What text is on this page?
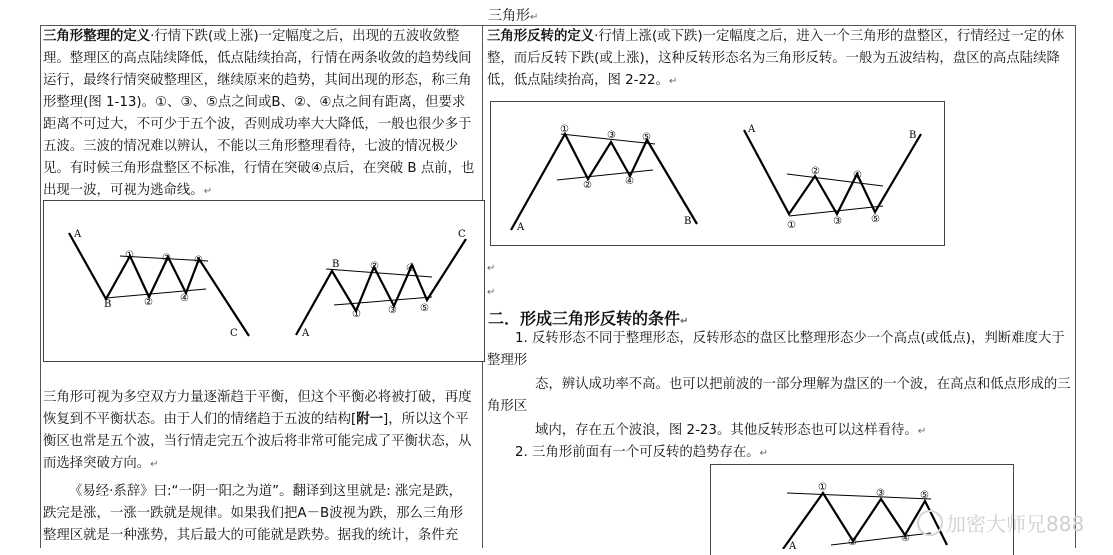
三角形↵

三角形整理的定义·行情下跌(或上涨)一定幅度之后，出现的五波收敛整理。整理区的高点陆续降低，低点陆续抬高，行情在两条收敛的趋势线间运行，最终行情突破整理区，继续原来的趋势，其间出现的形态，称三角形整理(图 1-13)。①、③、⑤点之间或B、②、④点之间有距离，但要求距离不可过大，不可少于五个波，否则成功率大大降低，一般也很少多于五波。三波的情况难以辨认，不能以三角形整理看待，七波的情况极少见。有时候三角形盘整区不标准，行情在突破④点后，在突破 B 点前，也出现一波，可视为逃命线。↵

A
B
①
②
③
④
⑤
C	A
B
①
②
③
④
⑤
C

三角形可视为多空双方力量逐渐趋于平衡，但这个平衡必将被打破，再度恢复到不平衡状态。由于人们的情绪趋于五波的结构[附一]，所以这个平衡区也常是五个波，当行情走完五个波后将非常可能完成了平衡状态，从而选择突破方向。↵

《易经·系辞》曰:“一阴一阳之为道”。翻译到这里就是: 涨完是跌，跌完是涨，一涨一跌就是规律。如果我们把A－B波视为跌，那么三角形整理区就是一种涨势，其后最大的可能就是跌势。据我的统计，条件充

三角形反转的定义·行情上涨(或下跌)一定幅度之后，进入一个三角形的盘整区，行情经过一定的休整，而后反转下跌(或上涨)，这种反转形态名为三角形反转。一般为五波结构，盘区的高点陆续降低，低点陆续抬高，图 2-22。↵

A
①
②
③
④
⑤
B
A
①
②
③
④
⑤
B
↵
↵
二．形成三角形反转的条件↵

1. 反转形态不同于整理形态，反转形态的盘区比整理形态少一个高点(或低点)，判断难度大于整理形

态，辨认成功率不高。也可以把前波的一部分理解为盘区的一个波，在高点和低点形成的三角形区

域内，存在五个波浪，图 2-23。其他反转形态也可以这样看待。↵

2. 三角形前面有一个可反转的趋势存在。↵

①
②
③
④
⑤
A
加密大师兄888
